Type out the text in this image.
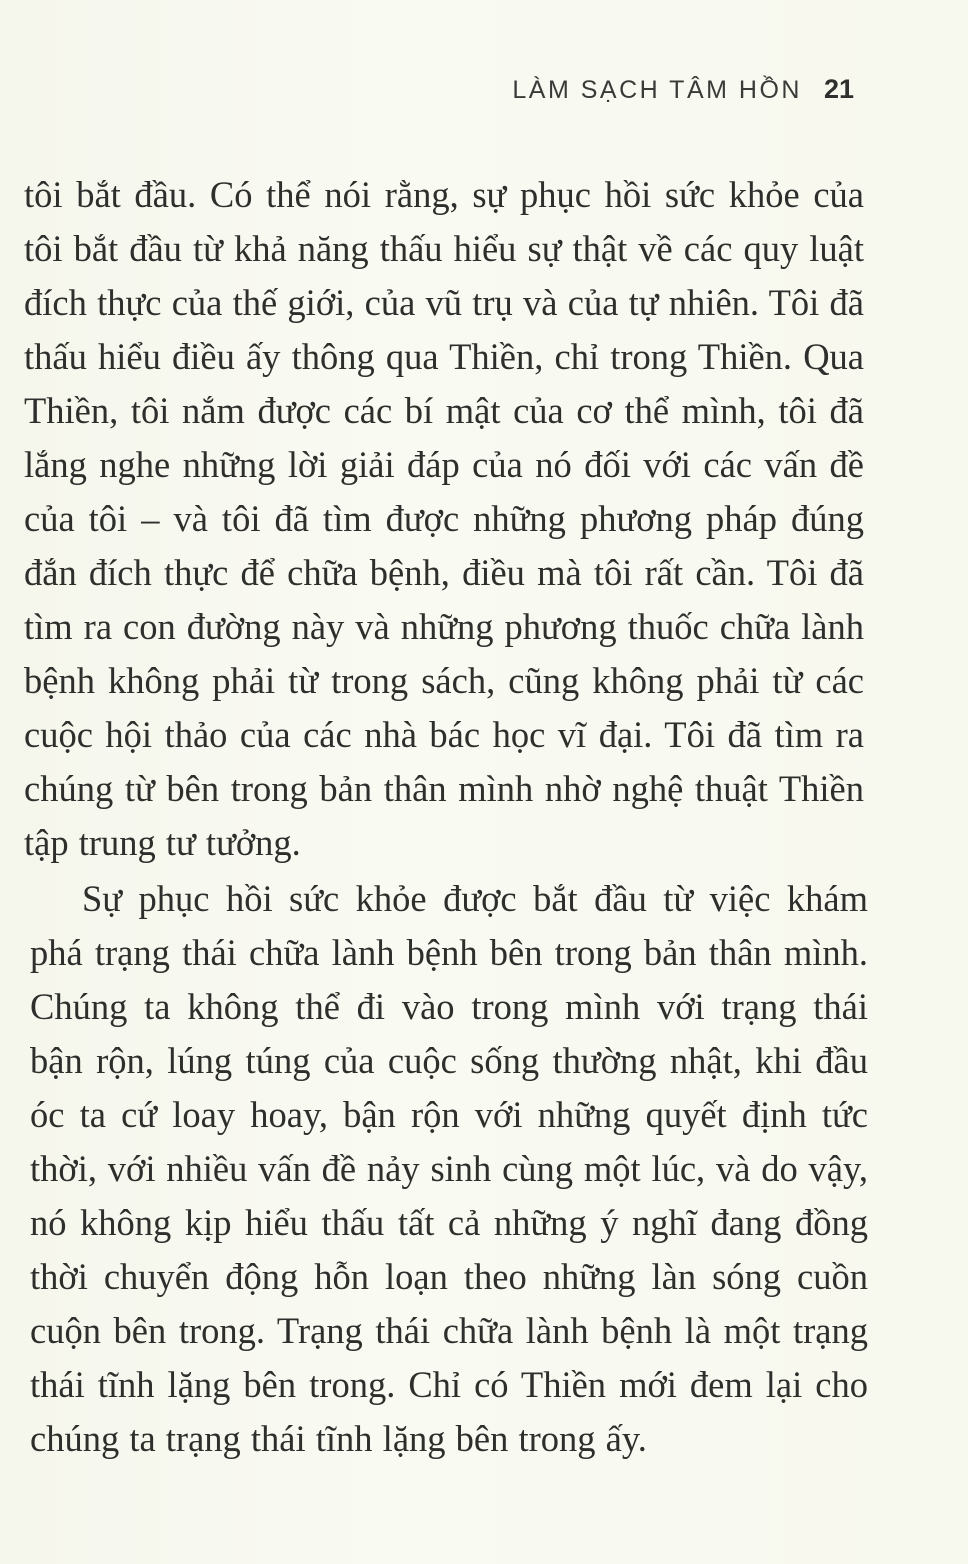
LÀM SẠCH TÂM HỒN 21
tôi bắt đầu. Có thể nói rằng, sự phục hồi sức khỏe của
tôi bắt đầu từ khả năng thấu hiểu sự thật về các quy luật
đích thực của thế giới, của vũ trụ và của tự nhiên. Tôi đã
thấu hiểu điều ấy thông qua Thiền, chỉ trong Thiền. Qua
Thiền, tôi nắm được các bí mật của cơ thể mình, tôi đã
lắng nghe những lời giải đáp của nó đối với các vấn đề
của tôi – và tôi đã tìm được những phương pháp đúng
đắn đích thực để chữa bệnh, điều mà tôi rất cần. Tôi đã
tìm ra con đường này và những phương thuốc chữa lành
bệnh không phải từ trong sách, cũng không phải từ các
cuộc hội thảo của các nhà bác học vĩ đại. Tôi đã tìm ra
chúng từ bên trong bản thân mình nhờ nghệ thuật Thiền
tập trung tư tưởng.
Sự phục hồi sức khỏe được bắt đầu từ việc khám
phá trạng thái chữa lành bệnh bên trong bản thân mình.
Chúng ta không thể đi vào trong mình với trạng thái
bận rộn, lúng túng của cuộc sống thường nhật, khi đầu
óc ta cứ loay hoay, bận rộn với những quyết định tức
thời, với nhiều vấn đề nảy sinh cùng một lúc, và do vậy,
nó không kịp hiểu thấu tất cả những ý nghĩ đang đồng
thời chuyển động hỗn loạn theo những làn sóng cuồn
cuộn bên trong. Trạng thái chữa lành bệnh là một trạng
thái tĩnh lặng bên trong. Chỉ có Thiền mới đem lại cho
chúng ta trạng thái tĩnh lặng bên trong ấy.
